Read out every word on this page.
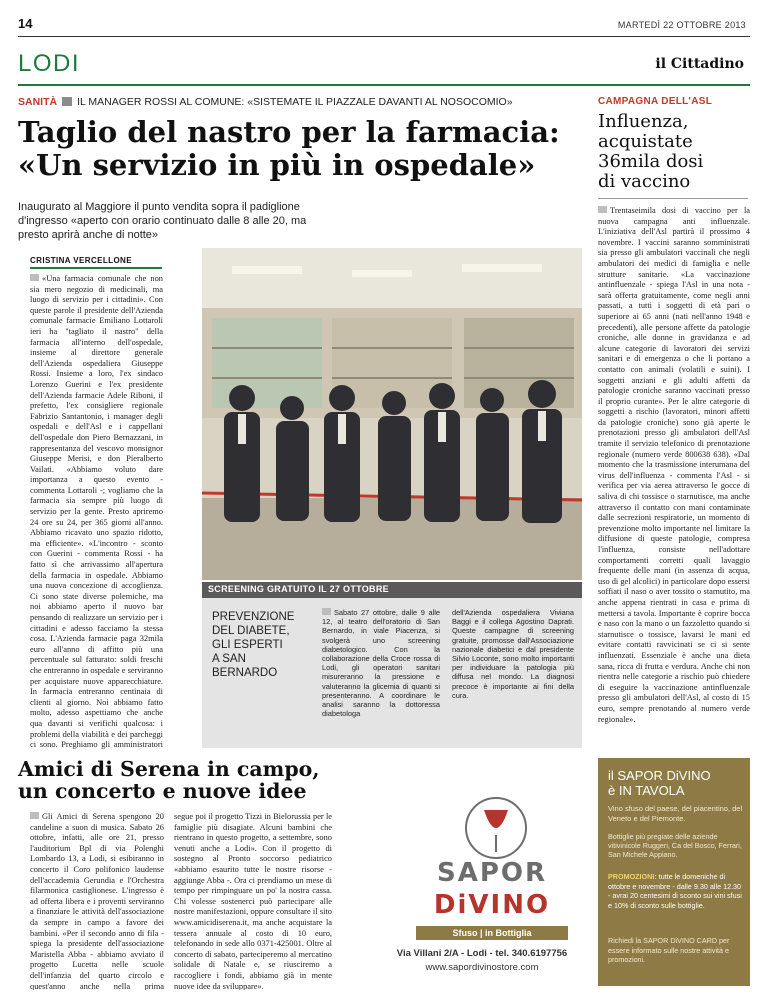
14	MARTEDÌ 22 OTTOBRE 2013
LODI	il Cittadino
SANITÀ IL MANAGER ROSSI AL COMUNE: «SISTEMATE IL PIAZZALE DAVANTI AL NOSOCOMIO»
Taglio del nastro per la farmacia:
«Un servizio in più in ospedale»
Inaugurato al Maggiore il punto vendita sopra il padiglione d'ingresso «aperto con orario continuato dalle 8 alle 20, ma presto aprirà anche di notte»
CRISTINA VERCELLONE

«Una farmacia comunale che non sia mero negozio di medicinali, ma luogo di servizio per i cittadini». Con queste parole il presidente dell'Azienda comunale farmacie Emiliano Lottaroli ieri ha "tagliato il nastro" della farmacia all'interno dell'ospedale, insieme al direttore generale dell'Azienda ospedaliera Giuseppe Rossi. Insieme a loro, l'ex sindaco Lorenzo Guerini e l'ex presidente dell'Azienda farmacie Adele Riboni, il prefetto, l'ex consigliere regionale Fabrizio Santantonio, i manager degli ospedali e dell'Asl e i cappellani dell'ospedale don Piero Bernazzani, in rappresentanza del vescovo monsignor Giuseppe Merisi, e don Pieralberto Vailati. «Abbiamo voluto dare importanza a questo evento - commenta Lottaroli -; vogliamo che la farmacia sia sempre più luogo di servizio per la gente. Presto apriremo 24 ore su 24, per 365 giorni all'anno. Abbiamo ricavato uno spazio ridotto, ma efficiente». «L'incontro - sconto con Guerini - commenta Rossi - ha fatto sì che arrivassimo all'apertura della farmacia in ospedale. Abbiamo una nuova concezione di accoglienza. Ci sono state diverse polemiche, ma noi abbiamo aperto il nuovo bar pensando di realizzare un servizio per i cittadini e adesso facciamo la stessa cosa. L'Azienda farmacie paga 32mila euro all'anno di affitto più una percentuale sul fatturato: soldi freschi che entreranno in ospedale e serviranno per acquistare nuove apparecchiature. In farmacia entreranno centinaia di clienti al giorno. Noi abbiamo fatto molto, adesso aspettiamo che anche qua davanti si verifichi qualcosa: i problemi della viabilità e dei parcheggi ci sono. Preghiamo gli amministratori

SCREENING GRATUITO IL 27 OTTOBRE
PREVENZIONE
DEL DIABETE,
GLI ESPERTI
A SAN BERNARDO
Sabato 27 ottobre, dalle 9 alle 12, al teatro dell'oratorio di San Bernardo, in viale Piacenza, si svolgerà uno screening diabetologico. Con la collaborazione della Croce rossa di Lodi, gli operatori sanitari misureranno la pressione e valuteranno la glicemia di quanti si presenteranno. A coordinare le analisi saranno la dottoressa diabetologa
dell'Azienda ospedaliera Viviana Baggi e il collega Agostino Daprati. Queste campagne di screening gratuite, promosse dall'Associazione nazionale diabetici e dal presidente Silvio Loconte, sono molto importanti per individuare la patologia più diffusa nel mondo. La diagnosi precoce è importante ai fini della cura.
CAMPAGNA DELL'ASL
Influenza,
acquistate
36mila dosi
di vaccino
Trentaseimila dosi di vaccino per la nuova campagna anti influenzale. L'iniziativa dell'Asl partirà il prossimo 4 novembre. I vaccini saranno somministrati sia presso gli ambulatori vaccinali che negli ambulatori dei medici di famiglia e nelle strutture sanitarie. «La vaccinazione antinfluenzale - spiega l'Asl in una nota - sarà offerta gratuitamente, come negli anni passati, a tutti i soggetti di età pari o superiore ai 65 anni (nati nell'anno 1948 e precedenti), alle persone affette da patologie croniche, alle donne in gravidanza e ad alcune categorie di lavoratori dei servizi sanitari e di emergenza o che li portano a contatto con animali (volatili e suini). I soggetti anziani e gli adulti affetti da patologie croniche saranno vaccinati presso il proprio curante». Per le altre categorie di soggetti a rischio (lavoratori, minori affetti da patologie croniche) sono già aperte le prenotazioni presso gli ambulatori dell'Asl tramite il servizio telefonico di prenotazione regionale (numero verde 800638 638). «Dal momento che la trasmissione interumana del virus dell'influenza - commenta l'Asl - si verifica per via aerea attraverso le gocce di saliva di chi tossisce o starnutisce, ma anche attraverso il contatto con mani contaminate dalle secrezioni respiratorie, un momento di prevenzione molto importante nel limitare la diffusione di queste patologie, compresa l'influenza, consiste nell'adottare comportamenti corretti quali lavaggio frequente delle mani (in assenza di acqua, uso di gel alcolici) in particolare dopo essersi soffiati il naso o aver tossito o starnutito, ma anche appena rientrati in casa e prima di mettersi a tavola. Importante è coprire bocca e naso con la mano o un fazzoletto quando si starnutisce o tossisce, lavarsi le mani ed evitare contatti ravvicinati se ci si sente influenzati. Essenziale è anche una dieta sana, ricca di frutta e verdura. Anche chi non rientra nelle categorie a rischio può chiedere di eseguire la vaccinazione antinfluenzale presso gli ambulatori dell'Asl, al costo di 15 euro, sempre prenotando al numero verde regionale».
Amici di Serena in campo,
un concerto e nuove idee
Gli Amici di Serena spengono 20 candeline a suon di musica. Sabato 26 ottobre, infatti, alle ore 21, presso l'auditorium Bpl di via Polenghi Lombardo 13, a Lodi, si esibiranno in concerto il Coro polifonico laudense dell'accademia Gerundia e l'Orchestra filarmonica castiglionese. L'ingresso è ad offerta libera e i proventi serviranno a finanziare le attività dell'associazione da sempre in campo a favore dei bambini. «Per il secondo anno di fila - spiega la presidente dell'associazione Maristella Abba - abbiamo avviato il progetto Lucetta nelle scuole dell'infanzia del quarto circolo e quest'anno anche nella prima
segue poi il progetto Tizzi in Bielorussia per le famiglie più disagiate. Alcuni bambini che rientrano in questo progetto, a settembre, sono venuti anche a Lodi». Con il progetto di sostegno al Pronto soccorso pediatrico «abbiamo esaurito tutte le nostre risorse - aggiunge Abba -. Ora ci prendiamo un mese di tempo per rimpinguare un po' la nostra cassa. Chi volesse sostenerci può partecipare alle nostre manifestazioni, oppure consultare il sito www.amicidiserena.it, ma anche acquistare la tessera annuale al costo di 10 euro, telefonando in sede allo 0371-425001. Oltre al concerto di sabato, parteciperemo al mercatino solidale di Natale e, se riusciremo a raccogliere i fondi, abbiamo già in mente nuove idee da sviluppare».
SAPOR
DiVINO
Sfuso | in Bottiglia
Via Villani 2/A - Lodi - tel. 340.6197756
www.sapordivinostore.com
il SAPOR DiVINO
è IN TAVOLA
Vino sfuso del paese, del piacentino, del Veneto e del Piemonte.
Bottiglie più pregiate delle aziende vitivinicole Ruggeri, Ca del Bosco, Ferrari, San Michele Appiano.
PROMOZIONI: tutte le domeniche di ottobre e novembre - dalle 9.30 alle 12.30 - avrai 20 centesimi di sconto sui vini sfusi e 10% di sconto sulle bottiglie.
Richiedi la SAPOR DiVINO CARD per essere informato sulle nostre attività e promozioni.
